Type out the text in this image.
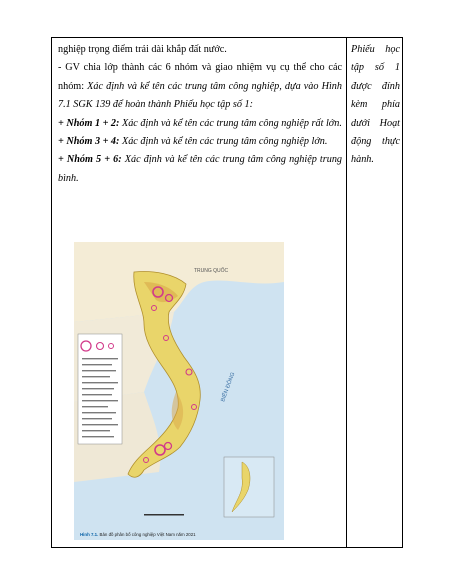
nghiệp trọng điểm trải dài khắp đất nước.

- GV chia lớp thành các 6 nhóm và giao nhiệm vụ cụ thể cho các nhóm: Xác định và kể tên các trung tâm công nghiệp, dựa vào Hình 7.1 SGK 139 để hoàn thành Phiếu học tập số 1:

+ Nhóm 1 + 2: Xác định và kể tên các trung tâm công nghiệp rất lớn.

+ Nhóm 3 + 4: Xác định và kể tên các trung tâm công nghiệp lớn.

+ Nhóm 5 + 6: Xác định và kể tên các trung tâm công nghiệp trung bình.

Phiếu học tập số 1 được đính kèm phía dưới Hoạt động thực hành.

TRUNG QUỐC
BIỂN ĐÔNG
Hình 7.1. Bản đồ phân bố công nghiệp Việt Nam năm 2021
